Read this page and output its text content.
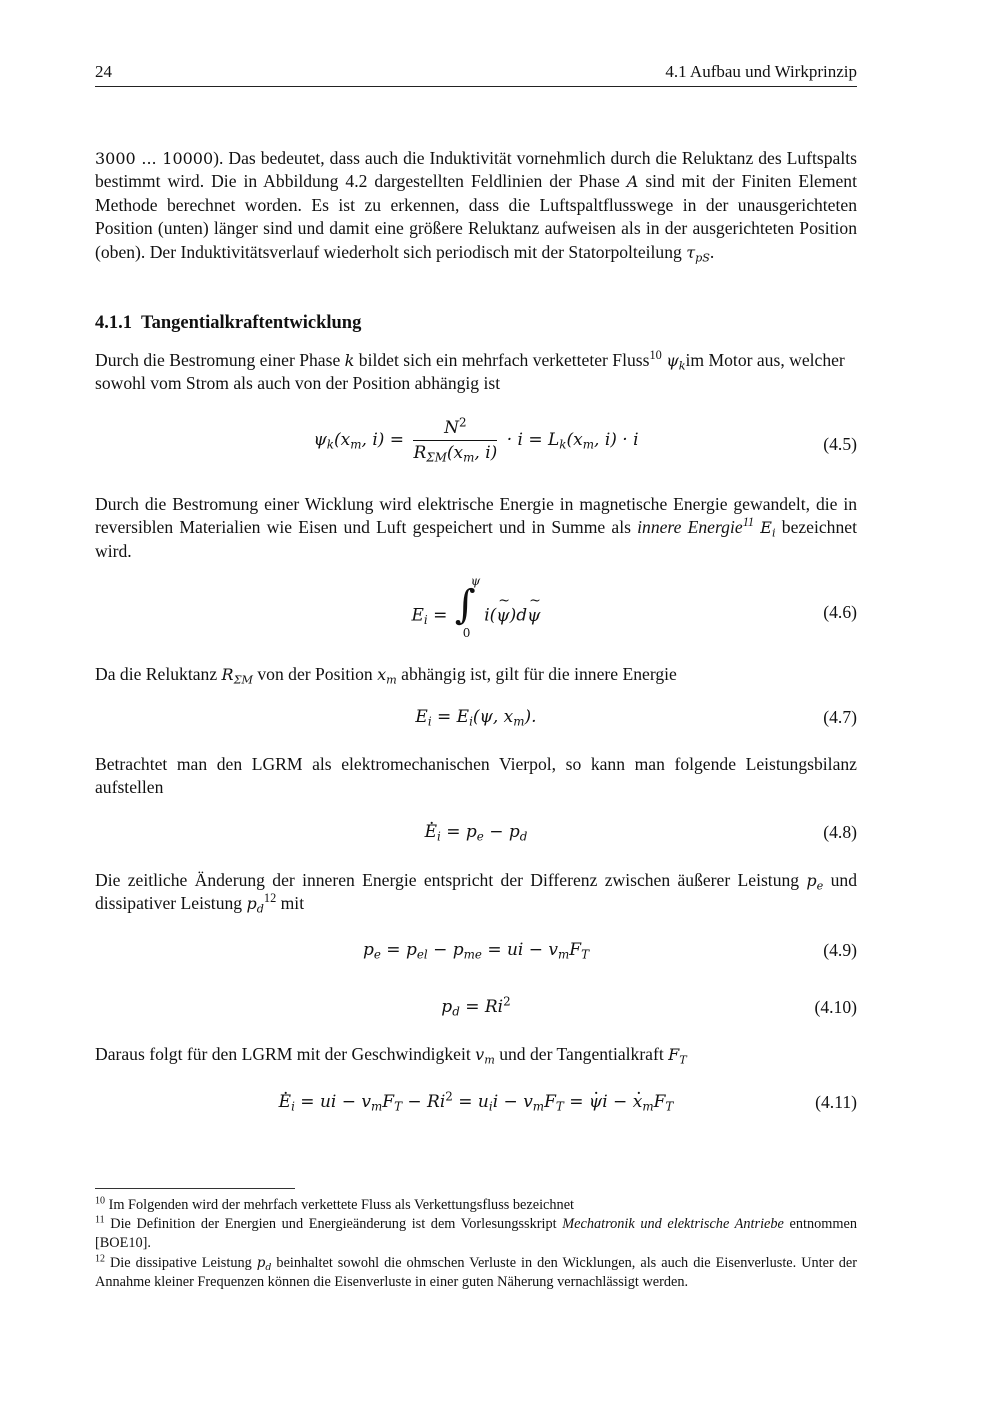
24	4.1 Aufbau und Wirkprinzip
3000 ... 10000). Das bedeutet, dass auch die Induktivität vornehmlich durch die Reluktanz des Luftspalts bestimmt wird. Die in Abbildung 4.2 dargestellten Feldlinien der Phase A sind mit der Finiten Element Methode berechnet worden. Es ist zu erkennen, dass die Luftspaltflusswege in der unausgerichteten Position (unten) länger sind und damit eine größere Reluktanz aufweisen als in der ausgerichteten Position (oben). Der Induktivitätsverlauf wiederholt sich periodisch mit der Statorpolteilung $\tau_{pS}$.
4.1.1 Tangentialkraftentwicklung
Durch die Bestromung einer Phase k bildet sich ein mehrfach verketteter Fluss$^{10}$ $\psi_kim$ Motor aus, welcher sowohl vom Strom als auch von der Position abhängig ist
$\psi_k(x_m$, $i) = \frac{N^2}{R_{\Sigma M}(x_m, i)} \cdot i = L_k(x_m$, i) · i	(4.5)
Durch die Bestromung einer Wicklung wird elektrische Energie in magnetische Energie gewandelt, die in reversiblen Materialien wie Eisen und Luft gespeichert und in Summe als innere Energie$^{11}$ $E_i$ bezeichnet wird.
$E_i$ = ∫
ψ
0
i(~ ψ)d~ ψ	(4.6)
Da die Reluktanz $R_{\Sigma M}$ von der Position $x_m$ abhängig ist, gilt für die innere Energie
$E_i = E_i(\psi$, $x_m$).	(4.7)
Betrachtet man den LGRM als elektromechanischen Vierpol, so kann man folgende Leistungsbilanz aufstellen
. $E_i = p_e - p_d$	(4.8)
Die zeitliche Änderung der inneren Energie entspricht der Differenz zwischen äußerer Leistung $p_e$ und dissipativer Leistung $p_d^{12}$ mit
$p_e = p_{el} - p_{me}$ = ui − $v_mF_T$	(4.9)
$p_d = Ri^2$	(4.10)
Daraus folgt für den LGRM mit der Geschwindigkeit $v_m$ und der Tangentialkraft $F_T$
. $E_i$ = ui − $v_mF_T - Ri^2 = u_ii - v_mF_T$ = . ψi − . $x_mF_T$	(4.11)
$^{10}$ Im Folgenden wird der mehrfach verkettete Fluss als Verkettungsfluss bezeichnet
$^{11}$ Die Definition der Energien und Energieänderung ist dem Vorlesungsskript Mechatronik und elektrische Antriebe entnommen [BOE10].
$^{12}$ Die dissipative Leistung $p_d$ beinhaltet sowohl die ohmschen Verluste in den Wicklungen, als auch die Eisenverluste. Unter der Annahme kleiner Frequenzen können die Eisenverluste in einer guten Näherung vernachlässigt werden.
